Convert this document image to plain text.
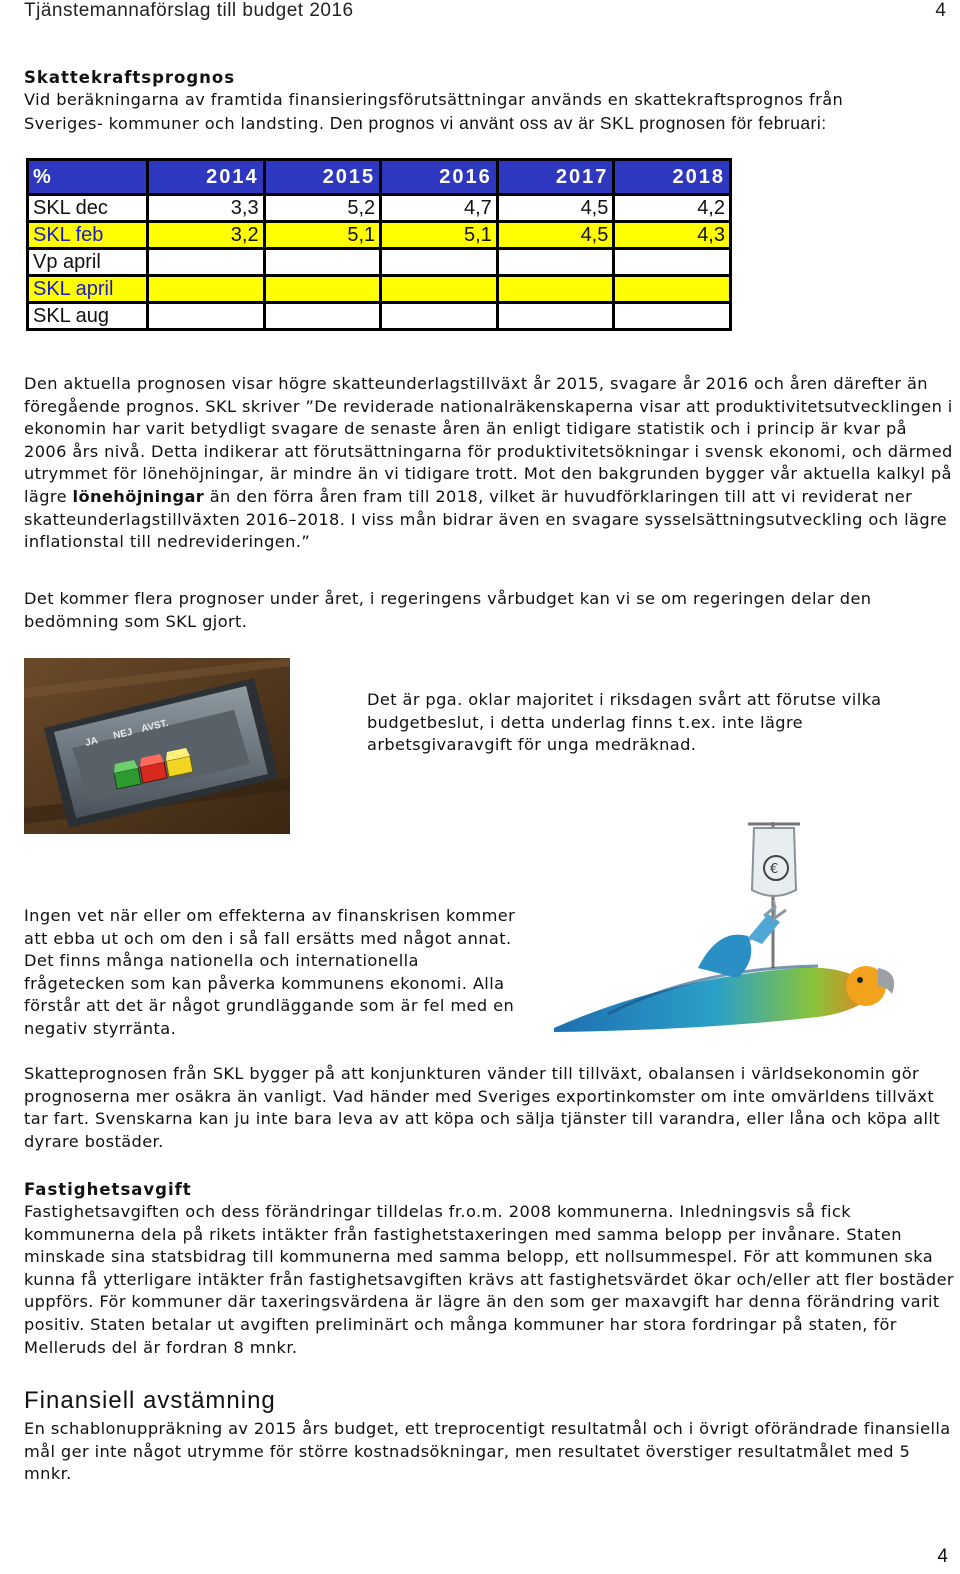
Tjänstemannaförslag till budget 2016	4
Skattekraftsprognos

Vid beräkningarna av framtida finansieringsförutsättningar används en skattekraftsprognos från

Sveriges- kommuner och landsting. Den prognos vi använt oss av är SKL prognosen för februari:

%	2014	2015	2016	2017	2018
SKL dec	3,3	5,2	4,7	4,5	4,2
SKL feb	3,2	5,1	5,1	4,5	4,3
Vp april					
SKL april					
SKL aug					

Den aktuella prognosen visar högre skatteunderlagstillväxt år 2015, svagare år 2016 och åren därefter än föregående prognos. SKL skriver ”De reviderade nationalräkenskaperna visar att produktivitetsutvecklingen i ekonomin har varit betydligt svagare de senaste åren än enligt tidigare statistik och i princip är kvar på 2006 års nivå. Detta indikerar att förutsättningarna för produktivitetsökningar i svensk ekonomi, och därmed utrymmet för lönehöjningar, är mindre än vi tidigare trott. Mot den bakgrunden bygger vår aktuella kalkyl på lägre lönehöjningar än den förra åren fram till 2018, vilket är huvudförklaringen till att vi reviderat ner skatteunderlagstillväxten 2016–2018. I viss mån bidrar även en svagare sysselsättningsutveckling och lägre inflationstal till nedrevideringen.”

Det kommer flera prognoser under året, i regeringens vårbudget kan vi se om regeringen delar den bedömning som SKL gjort.

JA
NEJ AVST.

Det är pga. oklar majoritet i riksdagen svårt att förutse vilka budgetbeslut, i detta underlag finns t.ex. inte lägre arbetsgivaravgift för unga medräknad.

Ingen vet när eller om effekterna av finanskrisen kommer att ebba ut och om den i så fall ersätts med något annat. Det finns många nationella och internationella frågetecken som kan påverka kommunens ekonomi. Alla förstår att det är något grundläggande som är fel med en negativ styrränta.

€

Skatteprognosen från SKL bygger på att konjunkturen vänder till tillväxt, obalansen i världsekonomin gör prognoserna mer osäkra än vanligt. Vad händer med Sveriges exportinkomster om inte omvärldens tillväxt tar fart. Svenskarna kan ju inte bara leva av att köpa och sälja tjänster till varandra, eller låna och köpa allt dyrare bostäder.

Fastighetsavgift

Fastighetsavgiften och dess förändringar tilldelas fr.o.m. 2008 kommunerna. Inledningsvis så fick kommunerna dela på rikets intäkter från fastighetstaxeringen med samma belopp per invånare. Staten minskade sina statsbidrag till kommunerna med samma belopp, ett nollsummespel. För att kommunen ska kunna få ytterligare intäkter från fastighetsavgiften krävs att fastighetsvärdet ökar och/eller att fler bostäder uppförs. För kommuner där taxeringsvärdena är lägre än den som ger maxavgift har denna förändring varit positiv. Staten betalar ut avgiften preliminärt och många kommuner har stora fordringar på staten, för Melleruds del är fordran 8 mnkr.

Finansiell avstämning

En schablonuppräkning av 2015 års budget, ett treprocentigt resultatmål och i övrigt oförändrade finansiella mål ger inte något utrymme för större kostnadsökningar, men resultatet överstiger resultatmålet med 5 mnkr.

4
